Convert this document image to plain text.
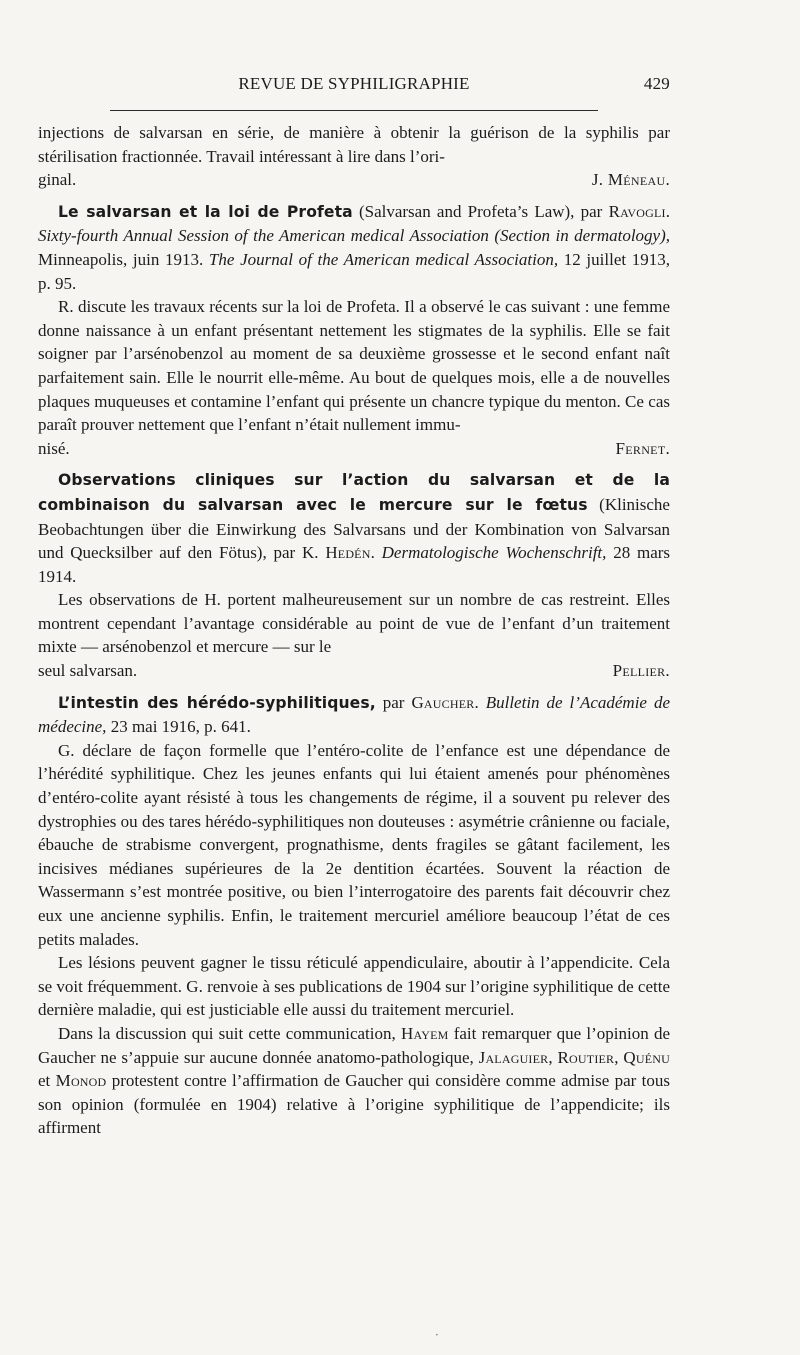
REVUE DE SYPHILIGRAPHIE	429

injections de salvarsan en série, de manière à obtenir la guérison de la syphilis par stérilisation fractionnée. Travail intéressant à lire dans l’ori-

ginal.	J. Méneau.

Le salvarsan et la loi de Profeta (Salvarsan and Profeta’s Law), par Ravogli. Sixty-fourth Annual Session of the American medical Association (Section in dermatology), Minneapolis, juin 1913. The Journal of the American medical Association, 12 juillet 1913, p. 95.

R. discute les travaux récents sur la loi de Profeta. Il a observé le cas suivant : une femme donne naissance à un enfant présentant nettement les stigmates de la syphilis. Elle se fait soigner par l’arsénobenzol au moment de sa deuxième grossesse et le second enfant naît parfaitement sain. Elle le nourrit elle-même. Au bout de quelques mois, elle a de nouvelles plaques muqueuses et contamine l’enfant qui présente un chancre typique du menton. Ce cas paraît prouver nettement que l’enfant n’était nullement immu-

nisé.	Fernet.

Observations cliniques sur l’action du salvarsan et de la combinaison du salvarsan avec le mercure sur le fœtus (Klinische Beobachtungen über die Einwirkung des Salvarsans und der Kombination von Salvarsan und Quecksilber auf den Fötus), par K. Hedén. Dermatologische Wochenschrift, 28 mars 1914.

Les observations de H. portent malheureusement sur un nombre de cas restreint. Elles montrent cependant l’avantage considérable au point de vue de l’enfant d’un traitement mixte — arsénobenzol et mercure — sur le

seul salvarsan.	Pellier.

L’intestin des hérédo-syphilitiques, par Gaucher. Bulletin de l’Académie de médecine, 23 mai 1916, p. 641.

G. déclare de façon formelle que l’entéro-colite de l’enfance est une dépendance de l’hérédité syphilitique. Chez les jeunes enfants qui lui étaient amenés pour phénomènes d’entéro-colite ayant résisté à tous les changements de régime, il a souvent pu relever des dystrophies ou des tares hérédo-syphilitiques non douteuses : asymétrie crânienne ou faciale, ébauche de strabisme convergent, prognathisme, dents fragiles se gâtant facilement, les incisives médianes supérieures de la 2e dentition écartées. Souvent la réaction de Wassermann s’est montrée positive, ou bien l’interrogatoire des parents fait découvrir chez eux une ancienne syphilis. Enfin, le traitement mercuriel améliore beaucoup l’état de ces petits malades.

Les lésions peuvent gagner le tissu réticulé appendiculaire, aboutir à l’appendicite. Cela se voit fréquemment. G. renvoie à ses publications de 1904 sur l’origine syphilitique de cette dernière maladie, qui est justiciable elle aussi du traitement mercuriel.

Dans la discussion qui suit cette communication, Hayem fait remarquer que l’opinion de Gaucher ne s’appuie sur aucune donnée anatomo-pathologique, Jalaguier, Routier, Quénu et Monod protestent contre l’affirmation de Gaucher qui considère comme admise par tous son opinion (formulée en 1904) relative à l’origine syphilitique de l’appendicite; ils affirment

·
